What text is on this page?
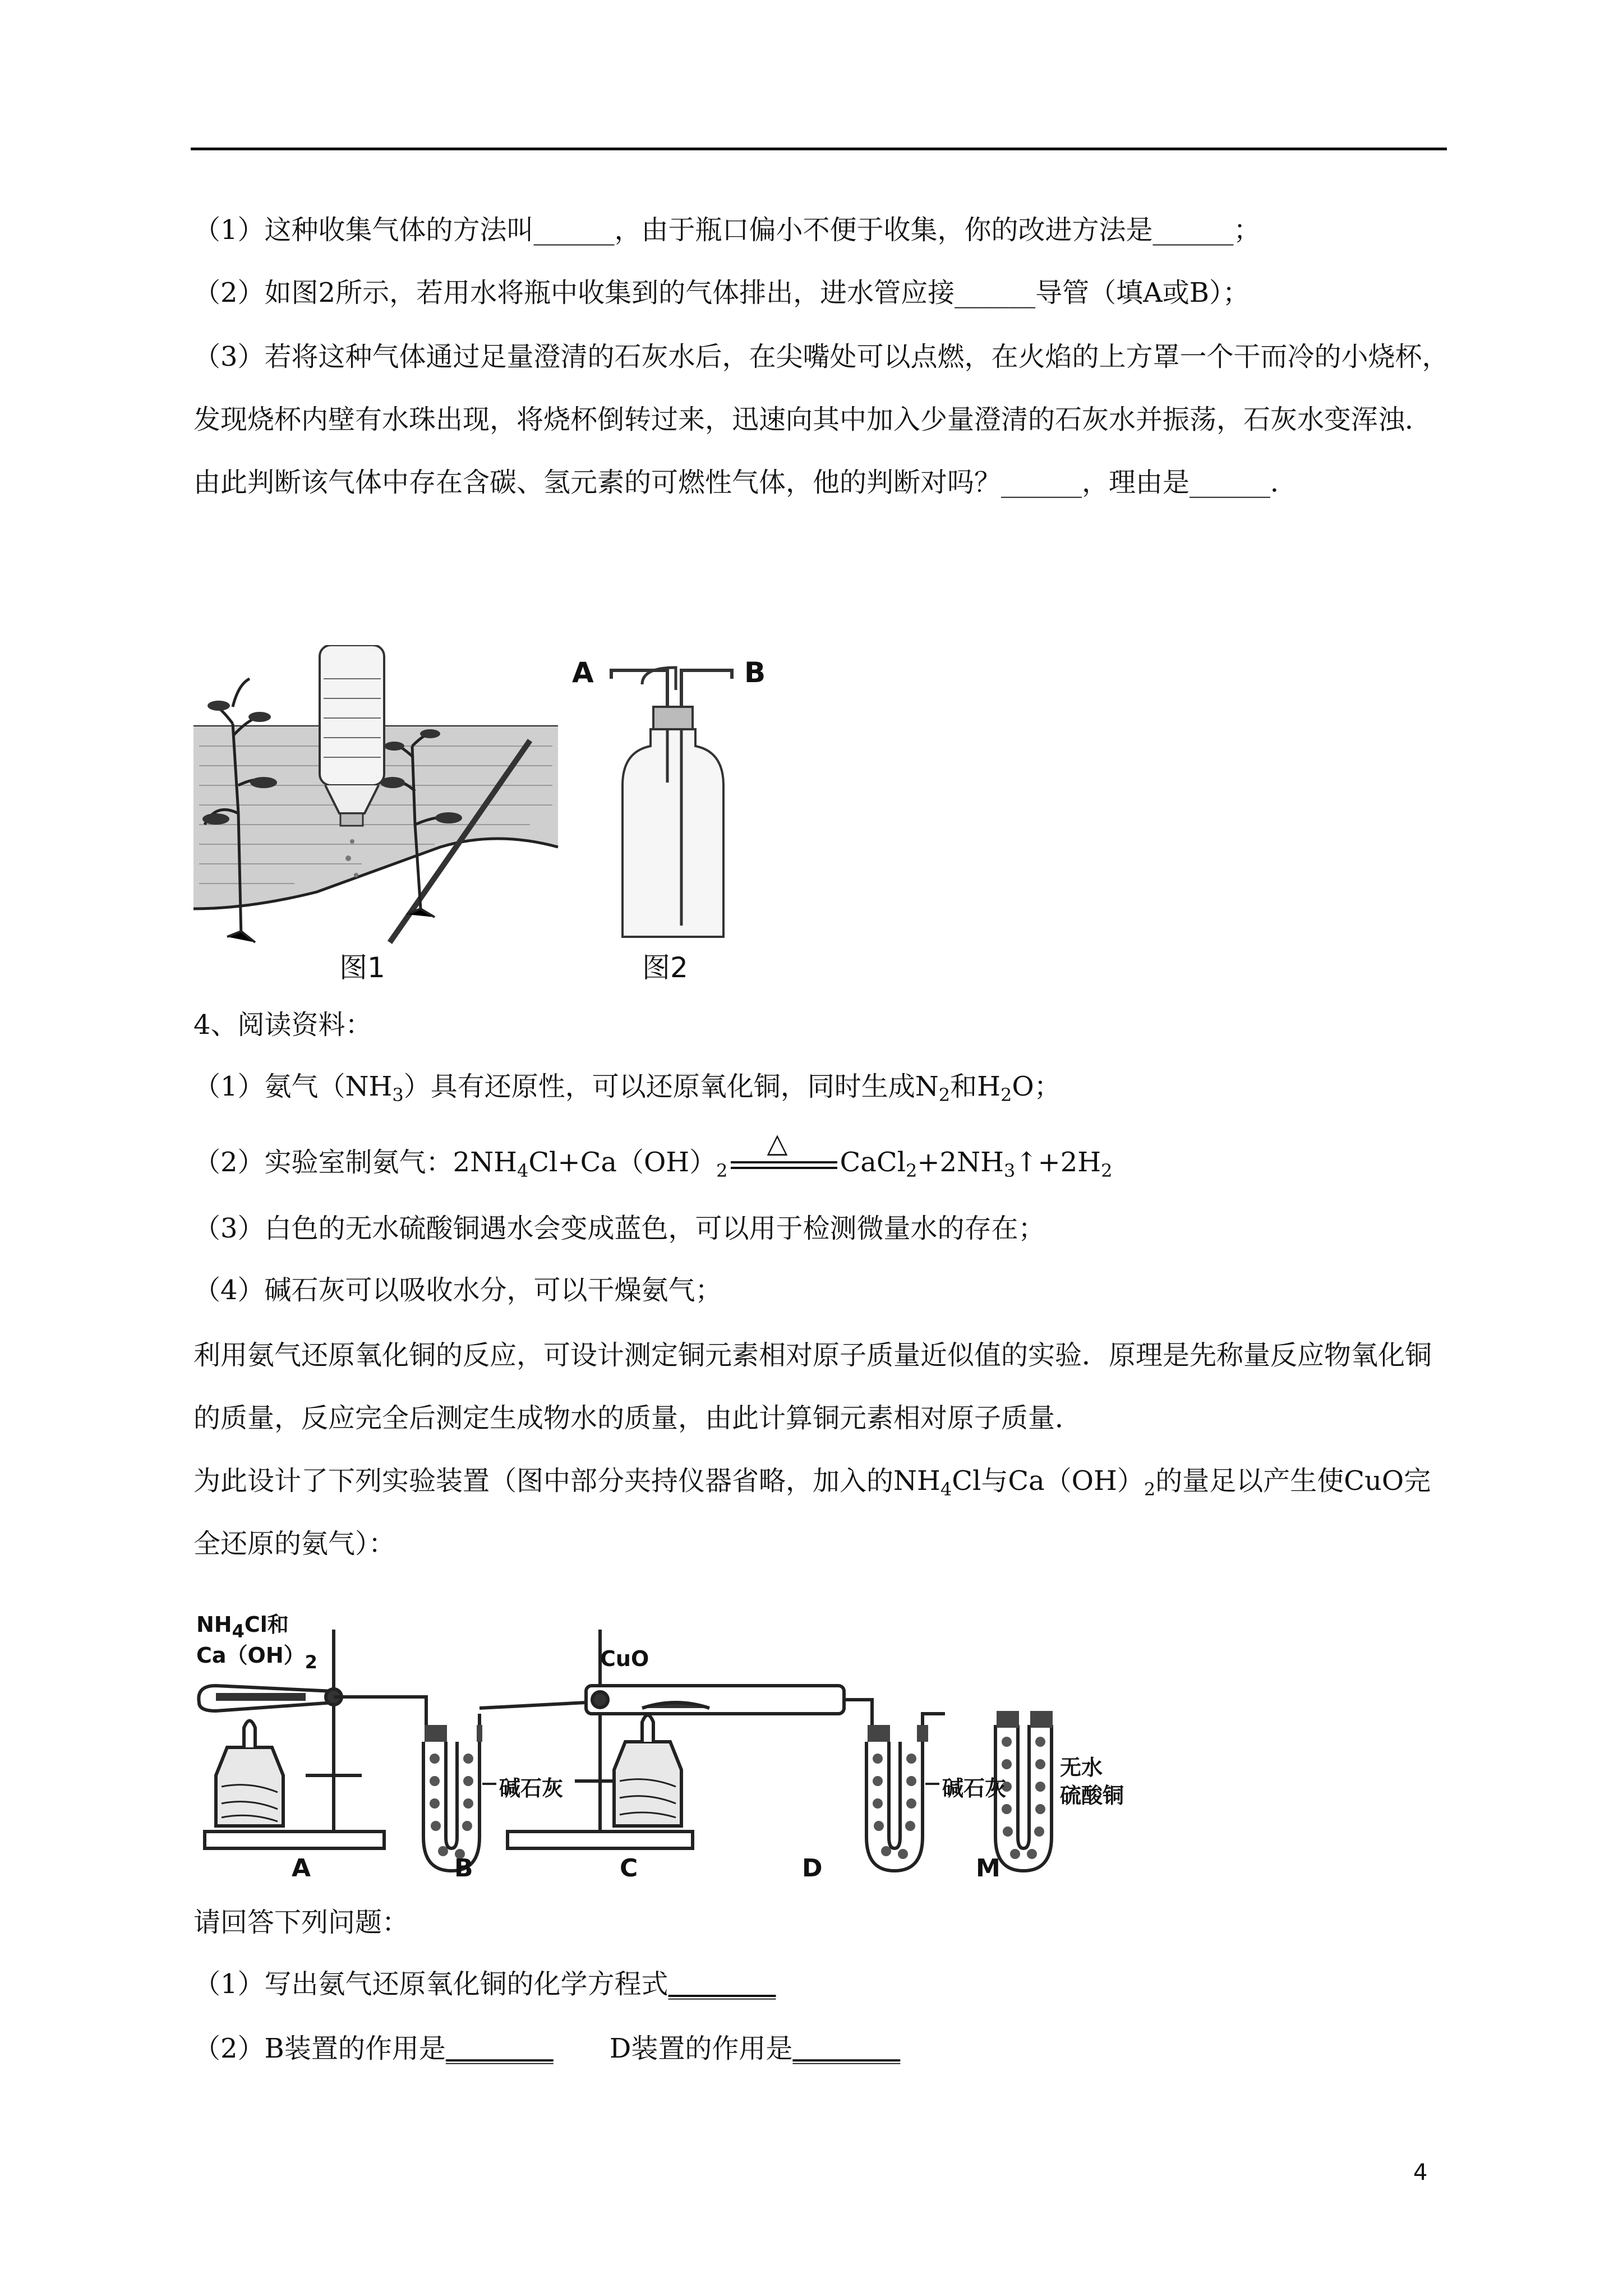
（1）这种收集气体的方法叫______，由于瓶口偏小不便于收集，你的改进方法是______；
（2）如图2所示，若用水将瓶中收集到的气体排出，进水管应接______导管（填A或B）；
（3）若将这种气体通过足量澄清的石灰水后，在尖嘴处可以点燃，在火焰的上方罩一个干而冷的小烧杯，发现烧杯内壁有水珠出现，将烧杯倒转过来，迅速向其中加入少量澄清的石灰水并振荡，石灰水变浑浊．由此判断该气体中存在含碳、氢元素的可燃性气体，他的判断对吗？______，理由是______．
图1
A	B
图2
4、阅读资料：
（1）氨气$(NH_3)$具有还原性，可以还原氧化铜，同时生成$N_2$和$H_2O$；
（2）实验室制氨气：$2NH_4Cl+Ca(OH)_2$
△
$CaCl_2+2NH_3↑+2H_2$
（3）白色的无水硫酸铜遇水会变成蓝色，可以用于检测微量水的存在；
（4）碱石灰可以吸收水分，可以干燥氨气；
利用氨气还原氧化铜的反应，可设计测定铜元素相对原子质量近似值的实验．原理是先称量反应物氧化铜的质量，反应完全后测定生成物水的质量，由此计算铜元素相对原子质量．
为此设计了下列实验装置（图中部分夹持仪器省略，加入的$NH_4Cl$与$Ca(OH)_2$的量足以产生使CuO完全还原的氨气）：
$NH_4Cl$和
$Ca(OH)_2$	CuO
碱石灰	碱石灰
无水
硫酸铜
A	B	C	D	M
请回答下列问题：
（1）写出氨气还原氧化铜的化学方程式________
（2）B装置的作用是________ D装置的作用是________
4
